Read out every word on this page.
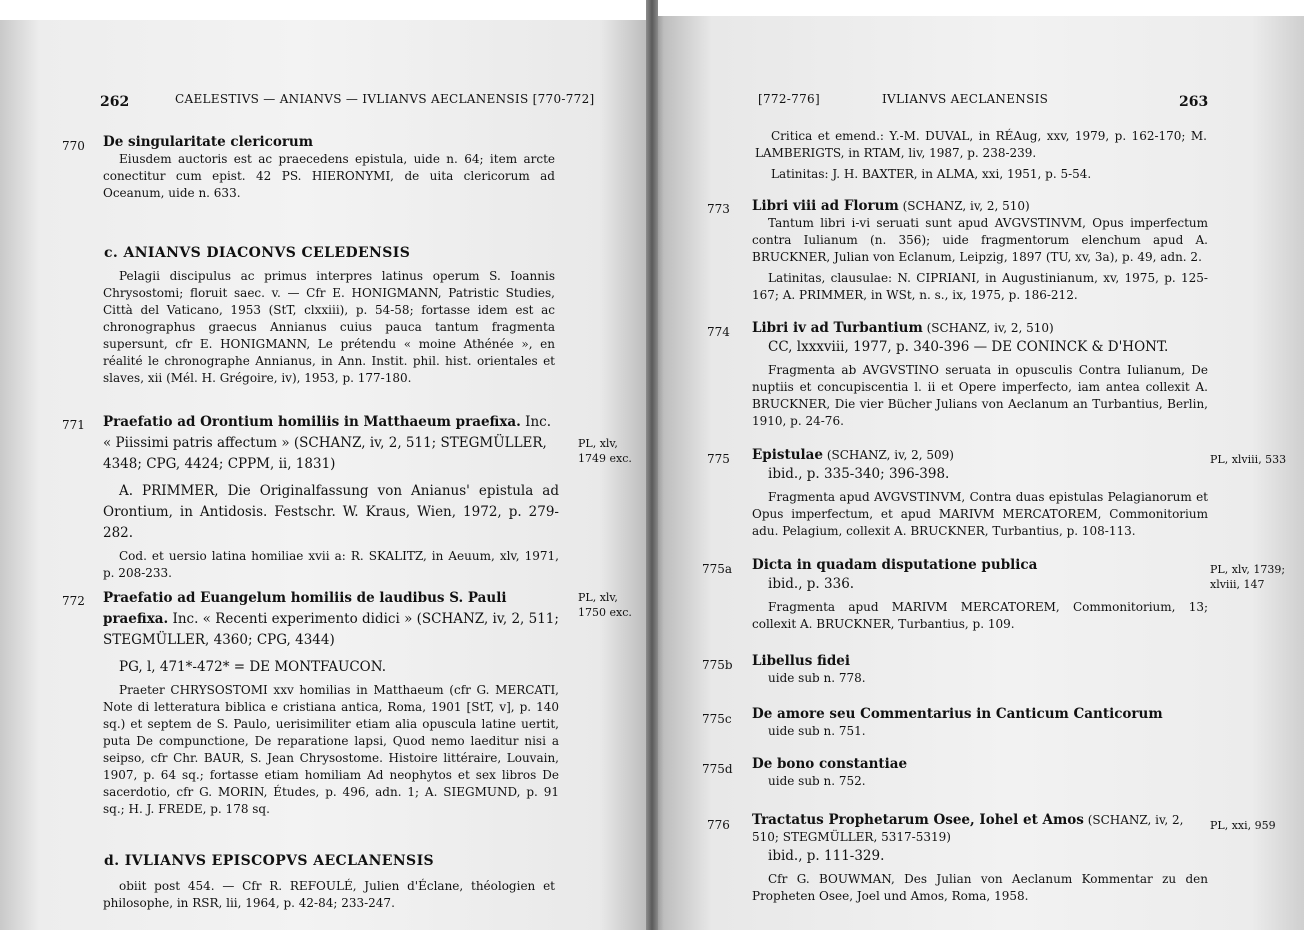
262	CAELESTIVS — ANIANVS — IVLIANVS AECLANENSIS [770-772]
770 De singularitate clericorum

Eiusdem auctoris est ac praecedens epistula, uide n. 64; item arcte conectitur cum epist. 42 PS. HIERONYMI, de uita clericorum ad Oceanum, uide n. 633.

c. ANIANVS DIACONVS CELEDENSIS

Pelagii discipulus ac primus interpres latinus operum S. Ioannis Chrysostomi; floruit saec. v. — Cfr E. HONIGMANN, Patristic Studies, Città del Vaticano, 1953 (StT, clxxiii), p. 54-58; fortasse idem est ac chronographus graecus Annianus cuius pauca tantum fragmenta supersunt, cfr E. HONIGMANN, Le prétendu « moine Athénée », en réalité le chronographe Annianus, in Ann. Instit. phil. hist. orientales et slaves, xii (Mél. H. Grégoire, iv), 1953, p. 177-180.

771 Praefatio ad Orontium homiliis in Matthaeum praefixa. Inc. « Piissimi patris affectum » (SCHANZ, iv, 2, 511; STEGMÜLLER, 4348; CPG, 4424; CPPM, ii, 1831)

A. PRIMMER, Die Originalfassung von Anianus' epistula ad Orontium, in Antidosis. Festschr. W. Kraus, Wien, 1972, p. 279-282.

Cod. et uersio latina homiliae xvii a: R. SKALITZ, in Aeuum, xlv, 1971, p. 208-233.

PL, xlv, 1749 exc.
772 Praefatio ad Euangelum homiliis de laudibus S. Pauli praefixa. Inc. « Recenti experimento didici » (SCHANZ, iv, 2, 511; STEGMÜLLER, 4360; CPG, 4344)

PG, l, 471*-472* = DE MONTFAUCON.

Praeter CHRYSOSTOMI xxv homilias in Matthaeum (cfr G. MERCATI, Note di letteratura biblica e cristiana antica, Roma, 1901 [StT, v], p. 140 sq.) et septem de S. Paulo, uerisimiliter etiam alia opuscula latine uertit, puta De compunctione, De reparatione lapsi, Quod nemo laeditur nisi a seipso, cfr Chr. BAUR, S. Jean Chrysostome. Histoire littéraire, Louvain, 1907, p. 64 sq.; fortasse etiam homiliam Ad neophytos et sex libros De sacerdotio, cfr G. MORIN, Études, p. 496, adn. 1; A. SIEGMUND, p. 91 sq.; H. J. FREDE, p. 178 sq.

PL, xlv, 1750 exc.
d. IVLIANVS EPISCOPVS AECLANENSIS

obiit post 454. — Cfr R. REFOULÉ, Julien d'Éclane, théologien et philosophe, in RSR, lii, 1964, p. 42-84; 233-247.

[772-776]	IVLIANVS AECLANENSIS	263

Critica et emend.: Y.-M. DUVAL, in RÉAug, xxv, 1979, p. 162-170; M. LAMBERIGTS, in RTAM, liv, 1987, p. 238-239.

Latinitas: J. H. BAXTER, in ALMA, xxi, 1951, p. 5-54.

773 Libri viii ad Florum (SCHANZ, iv, 2, 510)

Tantum libri i-vi seruati sunt apud AVGVSTINVM, Opus imperfectum contra Iulianum (n. 356); uide fragmentorum elenchum apud A. BRUCKNER, Julian von Eclanum, Leipzig, 1897 (TU, xv, 3a), p. 49, adn. 2.

Latinitas, clausulae: N. CIPRIANI, in Augustinianum, xv, 1975, p. 125-167; A. PRIMMER, in WSt, n. s., ix, 1975, p. 186-212.

774 Libri iv ad Turbantium (SCHANZ, iv, 2, 510)

CC, lxxxviii, 1977, p. 340-396 — DE CONINCK & D'HONT.

Fragmenta ab AVGVSTINO seruata in opusculis Contra Iulianum, De nuptiis et concupiscentia l. ii et Opere imperfecto, iam antea collexit A. BRUCKNER, Die vier Bücher Julians von Aeclanum an Turbantius, Berlin, 1910, p. 24-76.

775 Epistulae (SCHANZ, iv, 2, 509)

ibid., p. 335-340; 396-398.

Fragmenta apud AVGVSTINVM, Contra duas epistulas Pelagianorum et Opus imperfectum, et apud MARIVM MERCATOREM, Commonitorium adu. Pelagium, collexit A. BRUCKNER, Turbantius, p. 108-113.

PL, xlviii, 533
775a Dicta in quadam disputatione publica

ibid., p. 336.

Fragmenta apud MARIVM MERCATOREM, Commonitorium, 13; collexit A. BRUCKNER, Turbantius, p. 109.

PL, xlv, 1739; xlviii, 147
775b Libellus fidei

uide sub n. 778.

775c De amore seu Commentarius in Canticum Canticorum

uide sub n. 751.

775d De bono constantiae

uide sub n. 752.

776 Tractatus Prophetarum Osee, Iohel et Amos (SCHANZ, iv, 2, 510; STEGMÜLLER, 5317-5319)

ibid., p. 111-329.

Cfr G. BOUWMAN, Des Julian von Aeclanum Kommentar zu den Propheten Osee, Joel und Amos, Roma, 1958.

PL, xxi, 959
